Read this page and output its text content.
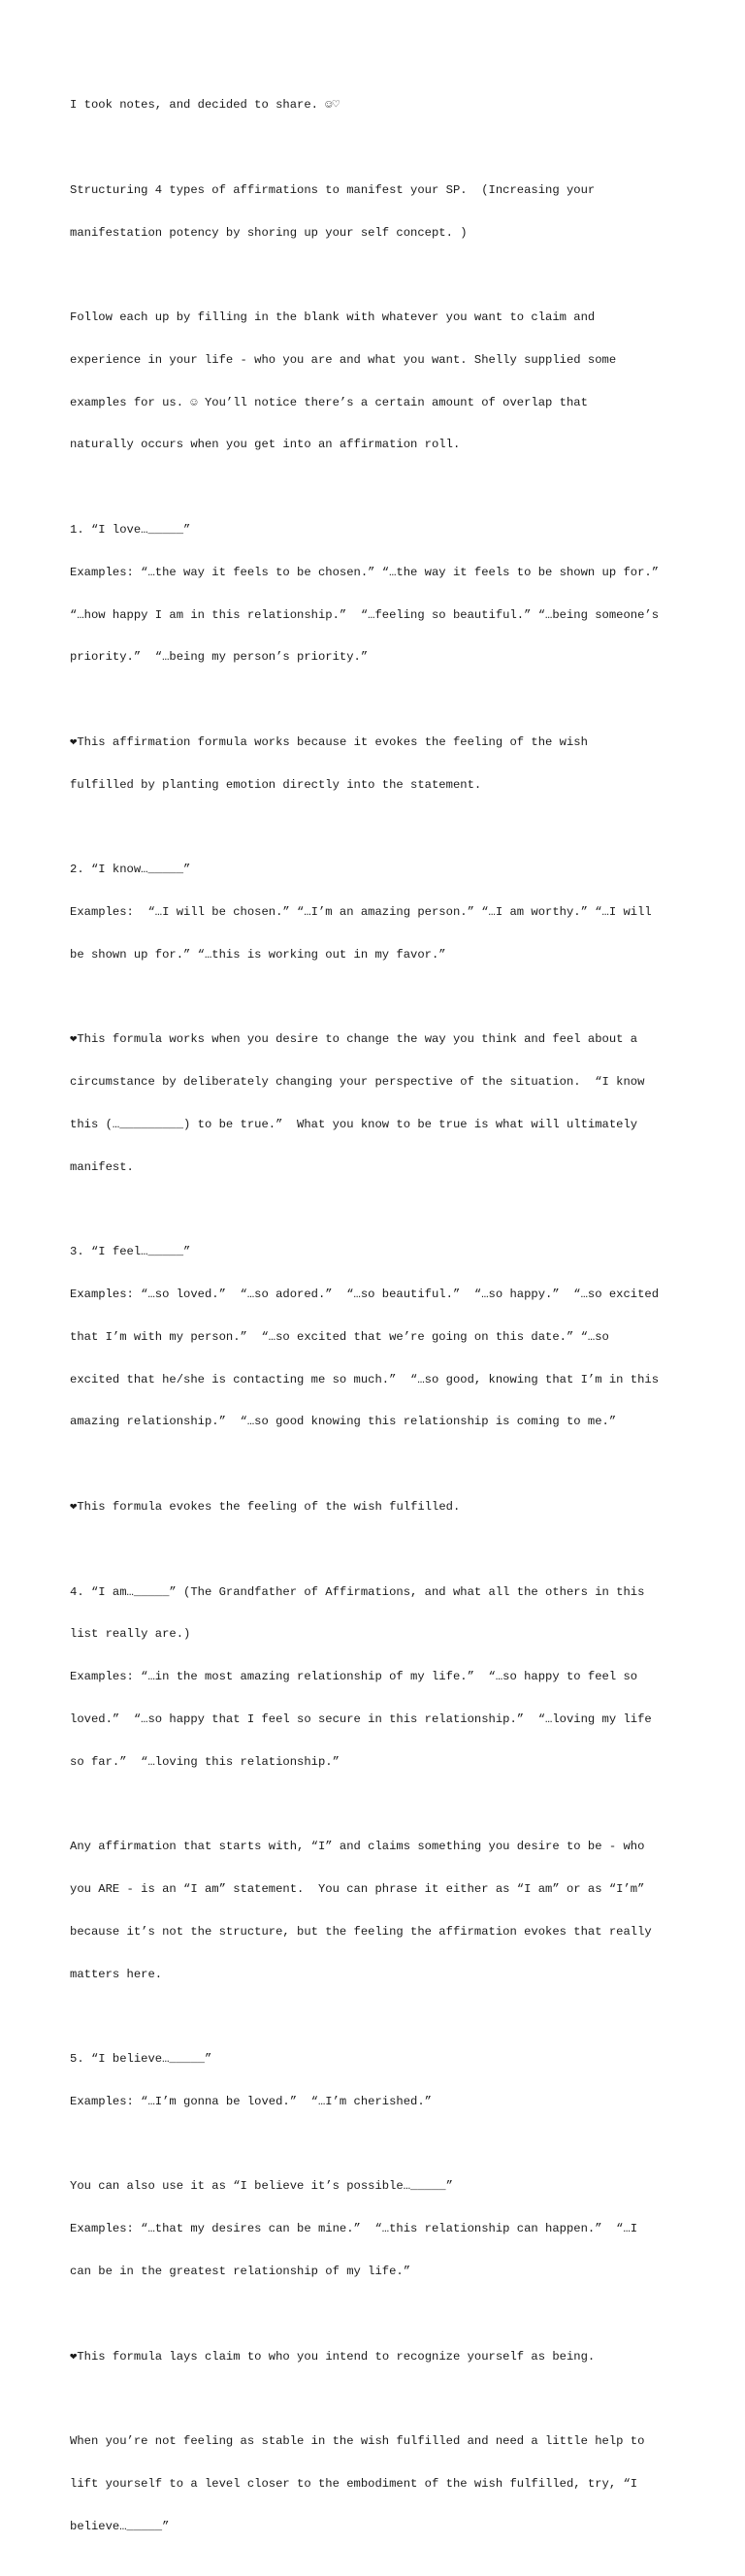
I took notes, and decided to share. ☺♡

Structuring 4 types of affirmations to manifest your SP.  (Increasing your

manifestation potency by shoring up your self concept. )

Follow each up by filling in the blank with whatever you want to claim and

experience in your life - who you are and what you want. Shelly supplied some

examples for us. ☺ You’ll notice there’s a certain amount of overlap that

naturally occurs when you get into an affirmation roll.

1. “I love…_____”

Examples: “…the way it feels to be chosen.” “…the way it feels to be shown up for.”

“…how happy I am in this relationship.”  “…feeling so beautiful.” “…being someone’s

priority.”  “…being my person’s priority.”

❤This affirmation formula works because it evokes the feeling of the wish

fulfilled by planting emotion directly into the statement.

2. “I know…_____”

Examples:  “…I will be chosen.” “…I’m an amazing person.” “…I am worthy.” “…I will

be shown up for.” “…this is working out in my favor.”

❤This formula works when you desire to change the way you think and feel about a

circumstance by deliberately changing your perspective of the situation.  “I know

this (…_________) to be true.”  What you know to be true is what will ultimately

manifest.

3. “I feel…_____”

Examples: “…so loved.”  “…so adored.”  “…so beautiful.”  “…so happy.”  “…so excited

that I’m with my person.”  “…so excited that we’re going on this date.” “…so

excited that he/she is contacting me so much.”  “…so good, knowing that I’m in this

amazing relationship.”  “…so good knowing this relationship is coming to me.”

❤This formula evokes the feeling of the wish fulfilled.

4. “I am…_____” (The Grandfather of Affirmations, and what all the others in this

list really are.)

Examples: “…in the most amazing relationship of my life.”  “…so happy to feel so

loved.”  “…so happy that I feel so secure in this relationship.”  “…loving my life

so far.”  “…loving this relationship.”

Any affirmation that starts with, “I” and claims something you desire to be - who

you ARE - is an “I am” statement.  You can phrase it either as “I am” or as “I’m”

because it’s not the structure, but the feeling the affirmation evokes that really

matters here.

5. “I believe…_____”

Examples: “…I’m gonna be loved.”  “…I’m cherished.”

You can also use it as “I believe it’s possible…_____”

Examples: “…that my desires can be mine.”  “…this relationship can happen.”  “…I

can be in the greatest relationship of my life.”

❤This formula lays claim to who you intend to recognize yourself as being.

When you’re not feeling as stable in the wish fulfilled and need a little help to

lift yourself to a level closer to the embodiment of the wish fulfilled, try, “I

believe…_____”
